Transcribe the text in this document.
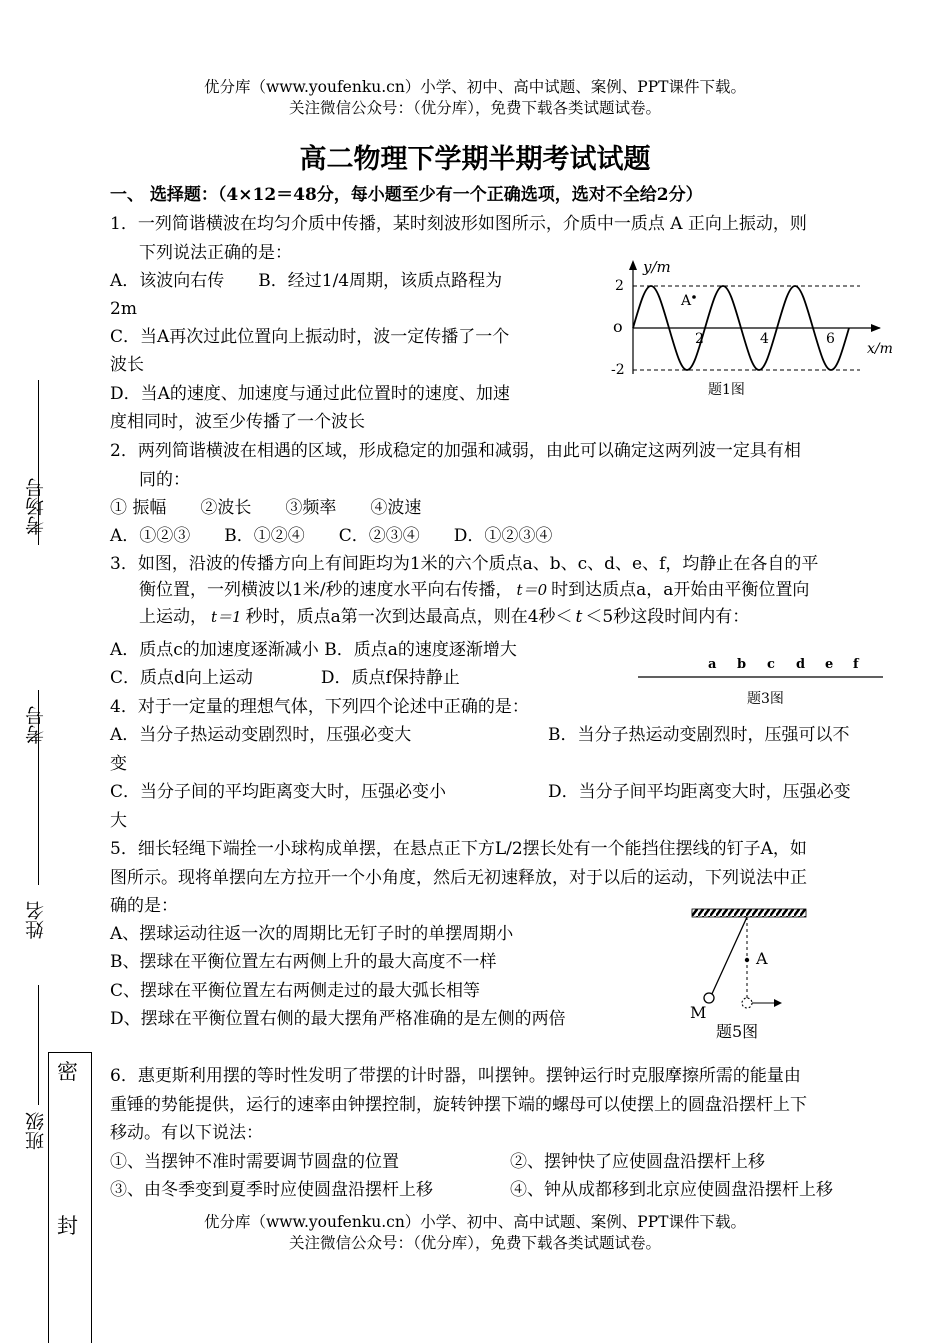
优分库（www.youfenku.cn）小学、初中、高中试题、案例、PPT课件下载。
关注微信公众号：（优分库），免费下载各类试题试卷。
高二物理下学期半期考试试题
一、 选择题：（4×12＝48分，每小题至少有一个正确选项，选对不全给2分）
1．一列简谐横波在均匀介质中传播，某时刻波形如图所示，介质中一质点 A 正向上振动，则
下列说法正确的是：
A．该波向右传　　B．经过1/4周期，该质点路程为
2m
C．当A再次过此位置向上振动时，波一定传播了一个
波长
D．当A的速度、加速度与通过此位置时的速度、加速
度相同时，波至少传播了一个波长
A
y/m
x/m
o
2
-2
2	4	6
题1图
2．两列简谐横波在相遇的区域，形成稳定的加强和减弱，由此可以确定这两列波一定具有相
同的：
① 振幅　　②波长　　③频率　　④波速
A．①②③　　B．①②④　　C．②③④　　D．①②③④
3．如图，沿波的传播方向上有间距均为1米的六个质点a、b、c、d、e、f，均静止在各自的平
衡位置，一列横波以1米/秒的速度水平向右传播， t＝0 时到达质点a，a开始由平衡位置向
上运动， t＝1 秒时，质点a第一次到达最高点，则在4秒＜ t ＜5秒这段时间内有：
A．质点c的加速度逐渐减小 B．质点a的速度逐渐增大
C．质点d向上运动　　　　D．质点f保持静止
a b c d e f
题3图
4．对于一定量的理想气体，下列四个论述中正确的是：
A．当分子热运动变剧烈时，压强必变大	B．当分子热运动变剧烈时，压强可以不
变
C．当分子间的平均距离变大时，压强必变小	D．当分子间平均距离变大时，压强必变
大
5．细长轻绳下端拴一小球构成单摆，在悬点正下方L/2摆长处有一个能挡住摆线的钉子A，如
图所示。现将单摆向左方拉开一个小角度，然后无初速释放，对于以后的运动，下列说法中正
确的是：
A、摆球运动往返一次的周期比无钉子时的单摆周期小
B、摆球在平衡位置左右两侧上升的最大高度不一样
C、摆球在平衡位置左右两侧走过的最大弧长相等
D、摆球在平衡位置右侧的最大摆角严格准确的是左侧的两倍
A
M
题5图
6．惠更斯利用摆的等时性发明了带摆的计时器，叫摆钟。摆钟运行时克服摩擦所需的能量由
重锤的势能提供，运行的速率由钟摆控制，旋转钟摆下端的螺母可以使摆上的圆盘沿摆杆上下
移动。有以下说法：
①、当摆钟不准时需要调节圆盘的位置	②、摆钟快了应使圆盘沿摆杆上移
③、由冬季变到夏季时应使圆盘沿摆杆上移	④、钟从成都移到北京应使圆盘沿摆杆上移
考场号
考号
姓名
班级
密
封	优分库（www.youfenku.cn）小学、初中、高中试题、案例、PPT课件下载。
关注微信公众号：（优分库），免费下载各类试题试卷。
